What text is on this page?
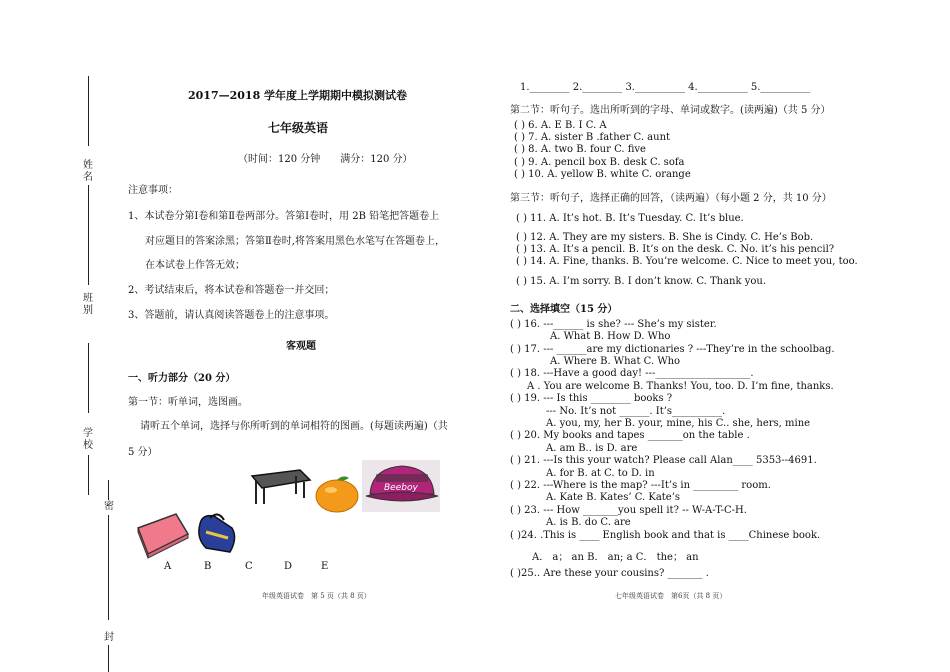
姓名
班别
学校
密
封
2017—2018 学年度上学期期中模拟测试卷
七年级英语
（时间：120 分钟　　满分：120 分）
注意事项：
1、本试卷分第Ⅰ卷和第Ⅱ卷两部分。答第Ⅰ卷时，用 2B 铅笔把答题卷上
对应题目的答案涂黑；答第Ⅱ卷时,将答案用黑色水笔写在答题卷上，
在本试卷上作答无效；
2、考试结束后，将本试卷和答题卷一并交回；
3、答题前，请认真阅读答题卷上的注意事项。
客观题
一、听力部分（20 分）
第一节：听单词，选图画。
请听五个单词，选择与你所听到的单词相符的图画。(每题读两遍)（共
5 分）
Beeboy
A	B	C	D	E
年级英语试卷　第 5 页（共 8 页）
1.________ 2.________ 3.__________ 4.__________ 5.__________
第二节：听句子。选出所听到的字母、单词或数字。(读两遍)（共 5 分）
( ) 6. A. E B. I C. A
( ) 7. A. sister B .father C. aunt
( ) 8. A. two B. four C. five
( ) 9. A. pencil box B. desk C. sofa
( ) 10. A. yellow B. white C. orange
第三节：听句子，选择正确的回答，（读两遍）（每小题 2 分，共 10 分）
( ) 11. A. It’s hot. B. It’s Tuesday. C. It’s blue.
( ) 12. A. They are my sisters. B. She is Cindy. C. He’s Bob.
( ) 13. A. It’s a pencil. B. It’s on the desk. C. No. it’s his pencil?
( ) 14. A. Fine, thanks. B. You’re welcome. C. Nice to meet you, too.
( ) 15. A. I’m sorry. B. I don’t know. C. Thank you.
二、选择填空（15 分）
( ) 16. ---______ is she? --- She’s my sister.
A. What B. How D. Who
( ) 17. --- ______are my dictionaries ? ---They’re in the schoolbag.
A. Where B. What C. Who
( ) 18. ---Have a good day! ---___________________.
A . You are welcome B. Thanks! You, too. D. I’m fine, thanks.
( ) 19. --- Is this ________ books ?
--- No. It’s not ______. It’s__________.
A. you, my, her B. your, mine, his C.. she, hers, mine
( ) 20. My books and tapes _______on the table .
A. am B.. is D. are
( ) 21. ---Is this your watch? Please call Alan____ 5353--4691.
A. for B. at C. to D. in
( ) 22. ---Where is the map? ---It’s in _________ room.
A. Kate B. Kates’ C. Kate’s
( ) 23. --- How _______you spell it? -- W-A-T-C-H.
A. is B. do C. are
( )24. .This is ____ English book and that is ____Chinese book.
A． a； an B． an; a C． the； an
( )25.. Are these your cousins? _______ .
七年级英语试卷　第6页（共 8 页）
